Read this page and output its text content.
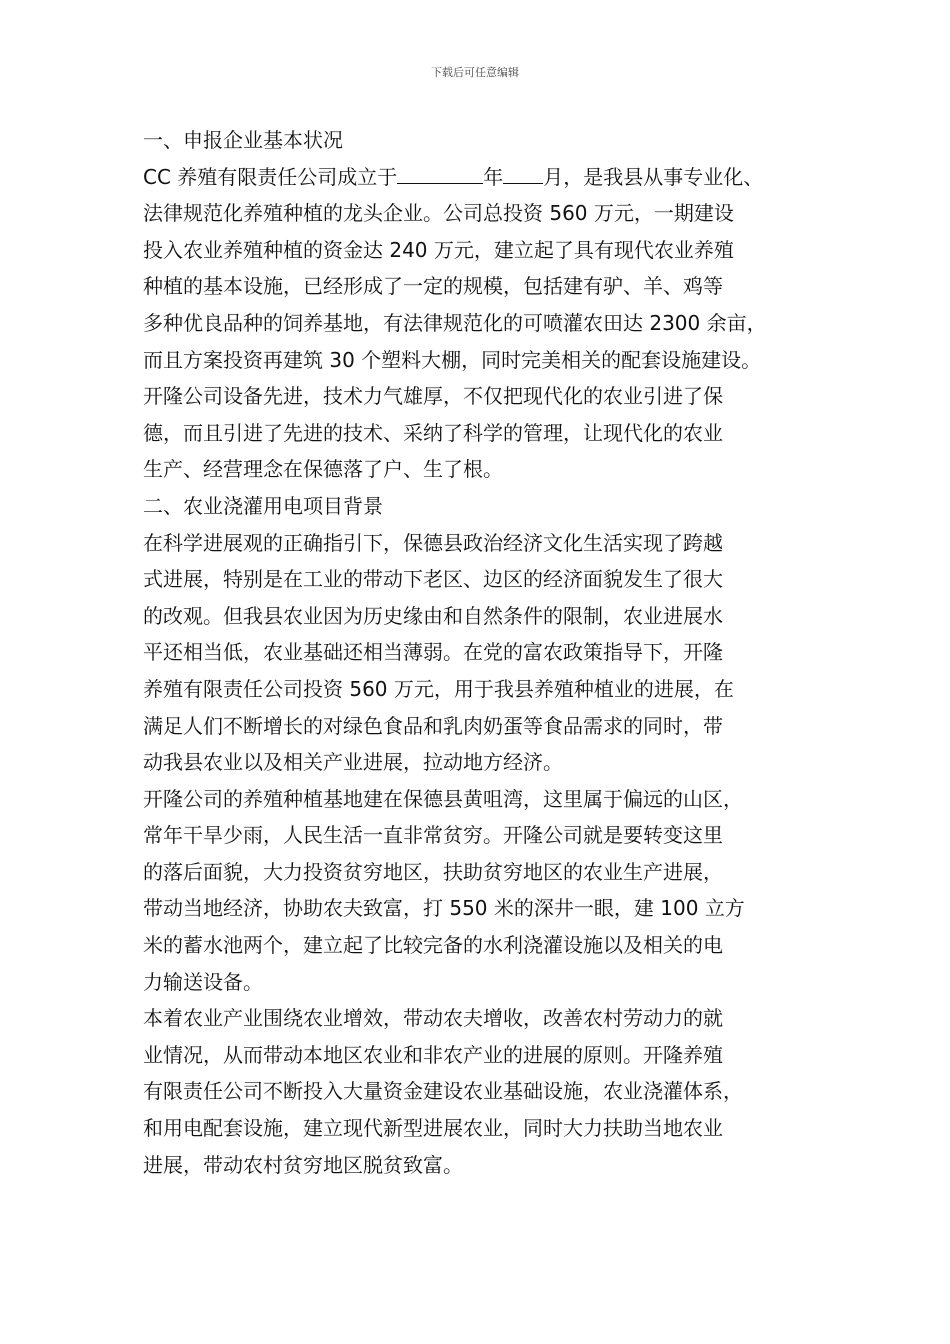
下载后可任意编辑
一、申报企业基本状况
CC 养殖有限责任公司成立于	年 月，是我县从事专业化、
法律规范化养殖种植的龙头企业。公司总投资 560 万元，一期建设
投入农业养殖种植的资金达 240 万元，建立起了具有现代农业养殖
种植的基本设施，已经形成了一定的规模，包括建有驴、羊、鸡等
多种优良品种的饲养基地，有法律规范化的可喷灌农田达 2300 余亩，
而且方案投资再建筑 30 个塑料大棚，同时完美相关的配套设施建设。
开隆公司设备先进，技术力气雄厚，不仅把现代化的农业引进了保
德，而且引进了先进的技术、采纳了科学的管理，让现代化的农业
生产、经营理念在保德落了户、生了根。
二、农业浇灌用电项目背景
在科学进展观的正确指引下，保德县政治经济文化生活实现了跨越
式进展，特别是在工业的带动下老区、边区的经济面貌发生了很大
的改观。但我县农业因为历史缘由和自然条件的限制，农业进展水
平还相当低，农业基础还相当薄弱。在党的富农政策指导下，开隆
养殖有限责任公司投资 560 万元，用于我县养殖种植业的进展，在
满足人们不断增长的对绿色食品和乳肉奶蛋等食品需求的同时，带
动我县农业以及相关产业进展，拉动地方经济。
开隆公司的养殖种植基地建在保德县黄咀湾，这里属于偏远的山区，
常年干旱少雨，人民生活一直非常贫穷。开隆公司就是要转变这里
的落后面貌，大力投资贫穷地区，扶助贫穷地区的农业生产进展，
带动当地经济，协助农夫致富，打 550 米的深井一眼，建 100 立方
米的蓄水池两个，建立起了比较完备的水利浇灌设施以及相关的电
力输送设备。
本着农业产业围绕农业增效，带动农夫增收，改善农村劳动力的就
业情况，从而带动本地区农业和非农产业的进展的原则。开隆养殖
有限责任公司不断投入大量资金建设农业基础设施，农业浇灌体系，
和用电配套设施，建立现代新型进展农业，同时大力扶助当地农业
进展，带动农村贫穷地区脱贫致富。
